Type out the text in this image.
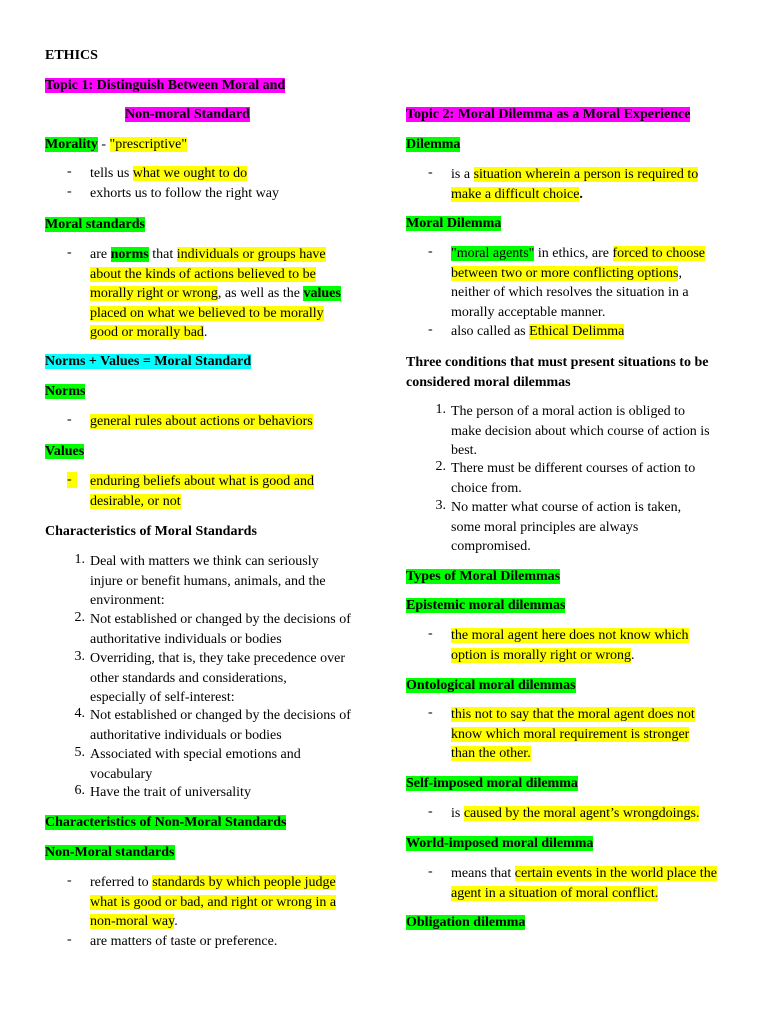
ETHICS

Topic 1: Distinguish Between Moral and

Non-moral Standard

Morality - "prescriptive"

-	tells us what we ought to do
-	exhorts us to follow the right way

Moral standards

-	are norms that individuals or groups have about the kinds of actions believed to be morally right or wrong, as well as the values placed on what we believed to be morally good or morally bad.

Norms + Values = Moral Standard

Norms

-	general rules about actions or behaviors

Values

-	enduring beliefs about what is good and desirable, or not

Characteristics of Moral Standards

1. Deal with matters we think can seriously injure or benefit humans, animals, and the environment:
2. Not established or changed by the decisions of authoritative individuals or bodies
3. Overriding, that is, they take precedence over other standards and considerations, especially of self-interest:
4. Not established or changed by the decisions of authoritative individuals or bodies
5. Associated with special emotions and vocabulary
6. Have the trait of universality

Characteristics of Non-Moral Standards

Non-Moral standards

-	referred to standards by which people judge what is good or bad, and right or wrong in a non-moral way.
-	are matters of taste or preference.

Topic 2: Moral Dilemma as a Moral Experience

Dilemma

-	is a situation wherein a person is required to make a difficult choice.

Moral Dilemma

-	"moral agents" in ethics, are forced to choose between two or more conflicting options, neither of which resolves the situation in a morally acceptable manner.
-	also called as Ethical Delimma

Three conditions that must present situations to be considered moral dilemmas

1. The person of a moral action is obliged to make decision about which course of action is best.
2. There must be different courses of action to choice from.
3. No matter what course of action is taken, some moral principles are always compromised.

Types of Moral Dilemmas

Epistemic moral dilemmas

-	the moral agent here does not know which option is morally right or wrong.

Ontological moral dilemmas

-	this not to say that the moral agent does not know which moral requirement is stronger than the other.

Self-imposed moral dilemma

-	is caused by the moral agent’s wrongdoings.

World-imposed moral dilemma

-	means that certain events in the world place the agent in a situation of moral conflict.

Obligation dilemma
